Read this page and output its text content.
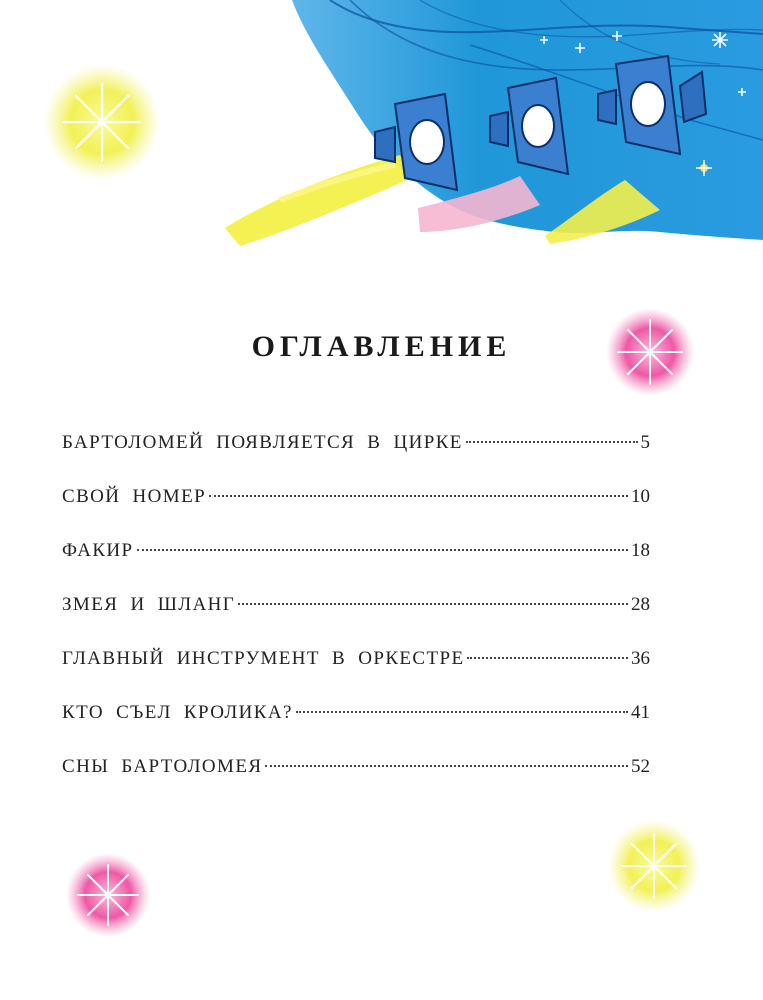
ОГЛАВЛЕНИЕ
БАРТОЛОМЕЙ ПОЯВЛЯЕТСЯ В ЦИРКЕ	5
СВОЙ НОМЕР	10
ФАКИР	18
ЗМЕЯ И ШЛАНГ	28
ГЛАВНЫЙ ИНСТРУМЕНТ В ОРКЕСТРЕ	36
КТО СЪЕЛ КРОЛИКА?	41
СНЫ БАРТОЛОМЕЯ	52
